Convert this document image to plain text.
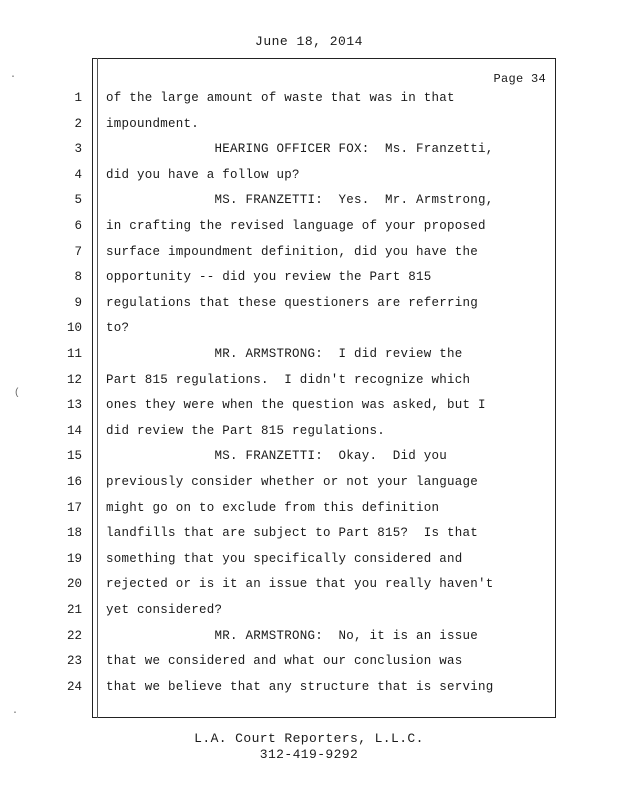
June 18, 2014
Page 34
1 of the large amount of waste that was in that
2 impoundment.
3 HEARING OFFICER FOX:  Ms. Franzetti,
4 did you have a follow up?
5 MS. FRANZETTI:  Yes.  Mr. Armstrong,
6 in crafting the revised language of your proposed
7 surface impoundment definition, did you have the
8 opportunity -- did you review the Part 815
9 regulations that these questioners are referring
10 to?
11 MR. ARMSTRONG:  I did review the
12 Part 815 regulations.  I didn't recognize which
13 ones they were when the question was asked, but I
14 did review the Part 815 regulations.
15 MS. FRANZETTI:  Okay.  Did you
16 previously consider whether or not your language
17 might go on to exclude from this definition
18 landfills that are subject to Part 815?  Is that
19 something that you specifically considered and
20 rejected or is it an issue that you really haven't
21 yet considered?
22 MR. ARMSTRONG:  No, it is an issue
23 that we considered and what our conclusion was
24 that we believe that any structure that is serving
L.A. Court Reporters, L.L.C.
312-419-9292
·
(
·
